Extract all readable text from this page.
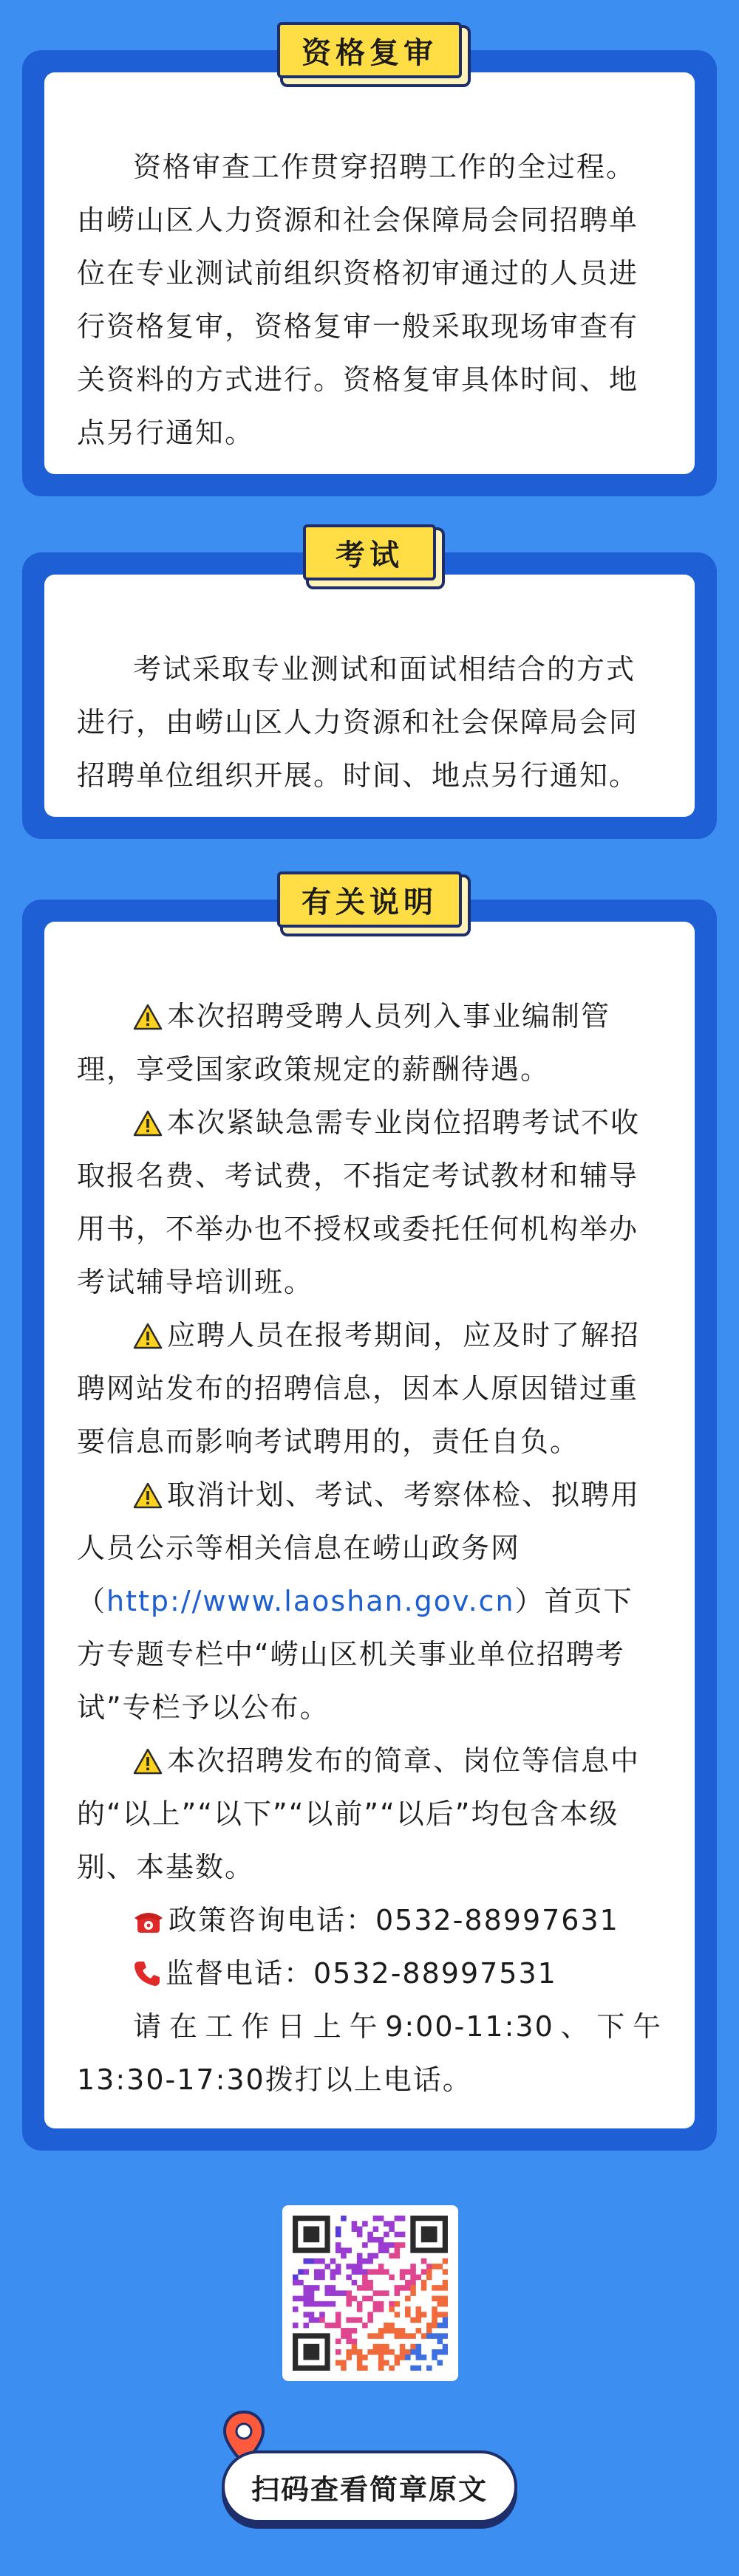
资格复审

资格审查工作贯穿招聘工作的全过程。由崂山区人力资源和社会保障局会同招聘单位在专业测试前组织资格初审通过的人员进行资格复审，资格复审一般采取现场审查有关资料的方式进行。资格复审具体时间、地点另行通知。

考试

考试采取专业测试和面试相结合的方式进行，由崂山区人力资源和社会保障局会同招聘单位组织开展。时间、地点另行通知。

有关说明

本次招聘受聘人员列入事业编制管理，享受国家政策规定的薪酬待遇。

本次紧缺急需专业岗位招聘考试不收取报名费、考试费，不指定考试教材和辅导用书，不举办也不授权或委托任何机构举办考试辅导培训班。

应聘人员在报考期间，应及时了解招聘网站发布的招聘信息，因本人原因错过重要信息而影响考试聘用的，责任自负。

取消计划、考试、考察体检、拟聘用人员公示等相关信息在崂山政务网（http://www.laoshan.gov.cn）首页下方专题专栏中“崂山区机关事业单位招聘考试”专栏予以公布。

本次招聘发布的简章、岗位等信息中的“以上”“以下”“以前”“以后”均包含本级别、本基数。

政策咨询电话：0532-88997631

监督电话：0532-88997531

请在工作日上午9:00-11:30、下午13:30-17:30拨打以上电话。

扫码查看简章原文
